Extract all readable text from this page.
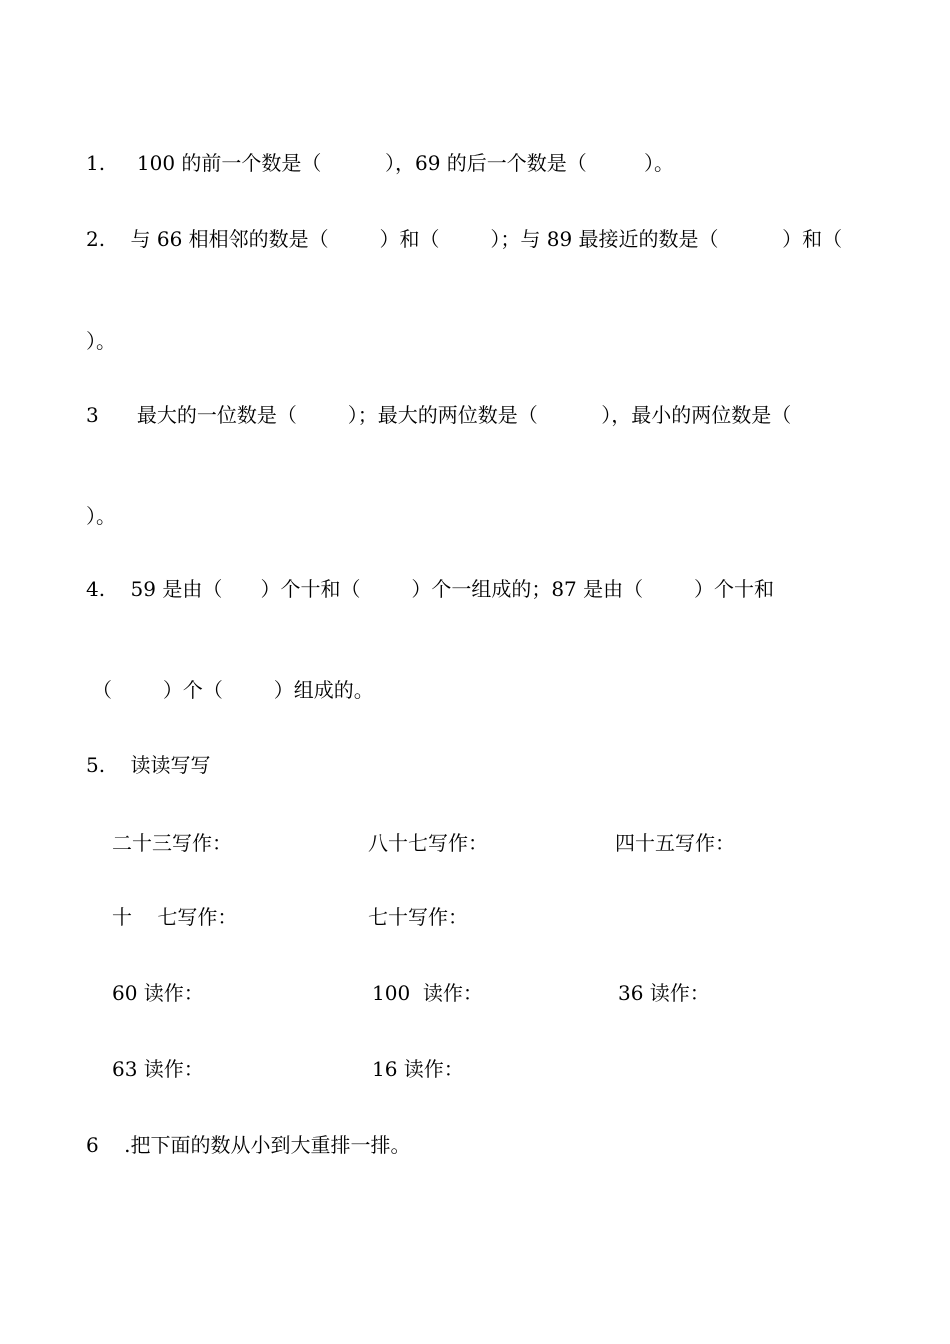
1.     100 的前一个数是（          ），69 的后一个数是（         ）。
2.    与 66 相相邻的数是（        ）和（        ）；与 89 最接近的数是（          ）和（
）。
3      最大的一位数是（        ）；最大的两位数是（          ），最小的两位数是（
）。
4.    59 是由（      ）个十和（        ）个一组成的；87 是由（        ）个十和
（        ）个（        ）组成的。
5.    读读写写
二十三写作：	八十七写作：	四十五写作：
十    七写作：	七十写作：
60 读作：	100  读作：	36 读作：
63 读作：	16 读作：
6    .把下面的数从小到大重排一排。
